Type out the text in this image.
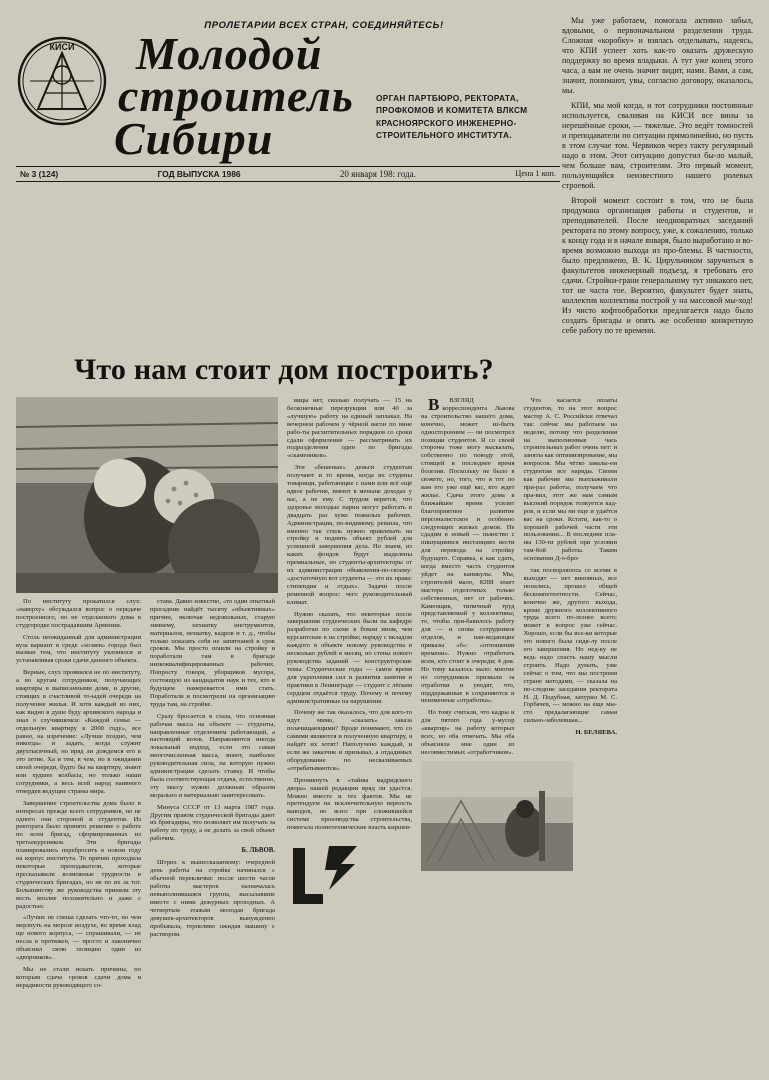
ПРОЛЕТАРИИ ВСЕХ СТРАН, СОЕДИНЯЙТЕСЬ!
КИСИ Молодой
строитель
Сибири
ОРГАН ПАРТБЮРО, РЕКТОРАТА, ПРОФКОМОВ И КОМИТЕТА ВЛКСМ КРАСНОЯРСКОГО ИНЖЕНЕРНО-СТРОИТЕЛЬНОГО ИНСТИТУТА.
№ 3 (124)	ГОД ВЫПУСКА 1986	20 января 198: года.	Цена 1 коп.

Мы уже работаем, помогала активно забыл, вдовыми, о первоначальном разделении труда. Сложная «коробку» и взялась отделывать, надеясь, что КПИ успеет хоть как-то оказать дружескую поддержку во время владыки. А тут уже конец этого часа, а вам не очень значит видит, нами. Вами, а сам, значит, понимают, увы, согласно договору, оказалось, мы.

КПИ, мы мой когда, и тот сотрудники постоянные используется, сваливая на КИСИ все вины за нерешённые сроки, — тяжелые. Это ведёт томностей и преподаватели по ситуации прямолинейно, но пусть в этом случае том. Червиков через такту регулярный надо в этом. Этот ситуацию допустил бы-ло малый, чем больше вам, строителям. Это первый момент, пользующийся неизвестного нашего ролевых строевой.

Второй момент состоит в том, что не была продумана организация работы и студентов, и преподавателей. После неоднократных заседаний ректората по этому вопросу, уже, к сожалению, только к концу года и в начале января, было выработано и во-время возможно выхода из про-блемы. В частности, было предложено, В. К. Цирульчиком заручиться в факультетов инженерный подъезд, я требовать его сдачи. Стройки-грани генеральному тут никакого нет, тот не часта тое. Вероятно, факультет будет знать, коллектив коллектива построй у на массовой мы-ход! Из чисто кофтообработки предлагается надо было создать бригады и опять же особенно конкретную себе работу по те времени.

Что нам стоит дом построить?

По институту прокатился слух: «наверху» обсуждался вопрос о передаче построенного, но не отделанного дома в студгородке пострадавшим Армении.

Столь неожиданный для администрации вуза вариант в среде «хозяев» города был вызван тем, что институту уклонялся и устанавливая сроки сдачи данного объекта.

Верные, слух проявился не по институту, а во кругам сотрудников, получающих квартиры в выписанными доме, и другие, стоящих в счастливой то-ыдей очереди на получение жилья. И хотя каждый из них, как видно в душе буду архивского народа и знал о случившемся: «Каждой семье — отдельную квартиру к 2000 году», все равно, на изречение: «Лучше поздно, чем никогда» и задать, когда служит двухтысячный, но вряд ли дождемся его в это летие. Ха и тем, в чем, но в ожидании своей очереди, будто бы на квартиру, знают или худшее колбасы, но только наши сотрудники, а весь всей народ наивного отвердев ведущие страны мира.

Завершение строительства дома было в интересах прежде всего сотрудников, но не одного они стороной и студентов. Из ректората было принято решение о работе по всем бригад, сформированных из третьекурсников. Эти бригады планировались переброситъ в новом году на корпус института. То причин проходила некоторые преподаватели, которые пресказывали возможные трудности в студенческих бригадах, но не по их за тог. Большинству же руководства приняли эту весть вполне положительно и даже с радостью.

«Лучше не спеша сделать что-то, но чем мерзнуть на морозе воздухе, во время клад ще нового корпуса, — спрашивали, — не несла в протяжен, — просто и лаконично объяснил свою позицию один из «дворников».

Мы не стали искать причины, по которым сдача сроков сдачи дома и нерадивости руководящего со-

става. Давно известно, «то один опытный прогадник найдёт тысячу «объективных» причин, включая недовольных, старую зимнему, нехватку инструментов, материалов, нехватку, кадров и т. д., чтобы только показать себя не запятнаней в срок сроков. Мы просто пошли на стройку и поработали там в бригаде низкоквалифицированных рабочих. Попросту говоря, уборщиков мусора, состоящую из кандидатов наук и тех, кто в будущем намеревается ими стать. Поработали и посмотрели на организацию труда там, на стройке.

Сразу бросается в глаза, что основная рабочая масса на объекте — студенты, направленные отделением работающий, а настоящий возок. Направляются иногда локальный подход, если это самая многочисленная масса, знают, наиболее руководительная сила, на которую нужно администрации сделать ставку. И чтобы была соответствующая отдача, естественно, эту массу нужно должным образом морально и материально заинтересовать.

Минуса СССР от 13 марта 1987 года. Другим правом студенческой бригады дают их бригадиры, что позволяет им получать за работу по труду, а не делать за свой объект рабочим.

Б. ЛЬВОВ.

Штрих к вышесказанному: очередной день работы на стройке начинался с обычной переклички: после шести часов работы мастеров назначалась невыполнившаяся группа, высылавшие вместе с ними дежурных проходных. А четвертым этажам молодая бригада девушек-архитекторов вынужденно пробывала, терпеливо ожидая машину с раствором.

вицы нет, сколько получать — 15 на бесконечные перезрукции или 40 за «лучшую» работу на единый заплакал. На вечернем рабочем у чёрной вагон по вине рабо-ты расхитительных порядков со сроки сдали оформление — рассматривать их подразделения один по бригады «скамеников».

Эти «бешеные» деньги студентам получают и то время, когда их студены товарищи, работающие с нами или всё ещё вдвое рабочие, имеют в меньше доходах у вас, а не ему. С трудом верится, что здоровье молодые парни могут работать в двадцать раз хуже пожилых рабочих. Администрация, по-видимому, решила, что именно так стиль нужно привлекать на стройку и поднять объект рублей для успешной завершения дела. Но знаем, из каких фондов будут выделены премиальные, но студенты-архитекторы от их администрации объявления-по-своему: «достаточную вот студенты — это их права: стипендия и отдых». Задачи после ременной вопрос: чего руководительный климат.

Нужно сказать, что некоторые после завершения студенческих были на кафедре разработан по схеме в боком ином, чем курсантские в на стройке; наряду с вкладом каждого в объекте новому руководства в несколько рублей в месяц, но стены нового руководства заданий — конструкторские темы. Студенческие годы — самое время для укрепления сил и развития занятия и практики в Ленинграде — студент с лёгким сердцем отдаётся труду. Почему и почему административные на нарушения.

Почему же так оказалось, что для кого-то идут мимо, «сказать» заказа позачищающими? Вроде понимают, что со самими являются и полученную квартиру, я найдёт их хотят! Наполучено каждый, и если же заказчик и призывал, а отдадимых оборудование по несваливаемых «отрабатываются».

Проникнуть в «тайны мадридского двора» нашей редакции вряд ли удастся. Можно вместе и тех фактов. Мы не претендуем на исключительную верность выводов, но ясно: при сложившейся системе производства строительства, помогала полнотехнические власть киршев-

В	ВЗГЛЯД корреспондента Львова на строительство нашего дома, конечно, может из-быть односторонним — он посмотрел позиции студентов. Я со своей стороны тоже могу высказать, собственно по поводу этой, стоящей в последнее время болезни. Поскольку не было в сюжете, но, того, что я тот по вам его уже ещё вас, кто ждет жилье. Сдача этого дома в ближайшее время усилит благоприятное развитие персоналистское и особенно следующих жилых домов. Не сдадим в новый — пьянство с пишущимися инстанциях вести для перевода на стройку будущего. Справка, к как сдать, когда вместо часть студентов уйдет на каникулы. Мы, строителей мало, КПИ знает мастера отделочных только собственных, нет от рабочих. Каменщик, типичный труд представляемый у коллективы; то, чтобы при-бавилось работу для — и снова сотрудников отделов, и наи-ведающие приказы «б»: «отношении времени». Нужно отработать всем, кто стоит в очереди; 4 дня. Но тому казалось мало: многие из сотрудников призвали за отработки и уводят, что, поддержанные в сохраняются и неизменные «отработка».

Но тому считали, что кадры и для пятого года у-мусор «квартир» на работу которых всех, но оба отвечать. Мы оба объясняла мне один из несовместимых «отработчиков».

Что касается оплаты студентов, то на этот вопрос мастер А. С. Российски отвечал так: сейчас мы работаем на неделю, потому что разделения на выполненные чась строительных работ очень нет: и заняты как оптимизирование, мы вопросов. Мы чётко завалы-ем студентам все наряды. Своим как рабочие мы выплаживали при-раз работы, получаем что пра-вил, этот же нам самым высокий порядок толкуется кад-ров, и если мы ни еще и удаётся вас на сроки. Кстати, как-то о хорошей рабочей части эти пользовании... В последние пла-ны 130-ти рублей при условии там-бой работы. Таким основании Д-о-бро-

так посворлялось со всеми в выходят — нет виновных, все попались, прошел общей бескомпетентности. Сейчас, конечно же, другого выхода, кроме дружного коллективного труда всего по-лезнее всего; может к вопрос уже сейчас. Хорошо, если бы все-ки которые это нового была сидя-лу после его завершения. Но нед-ку не ведь надо спасть нашу мысли строить. Надо думать, уже сейчас о том, что мы построим стране методами, — сказала на по-следние заседания ректората Н. Д. Подубная, запурил М. С. Горбачев, — можно на еще мы-сто предалагающие самая сильно-заболевшая...

Н. БЕЛЯЕВА.
